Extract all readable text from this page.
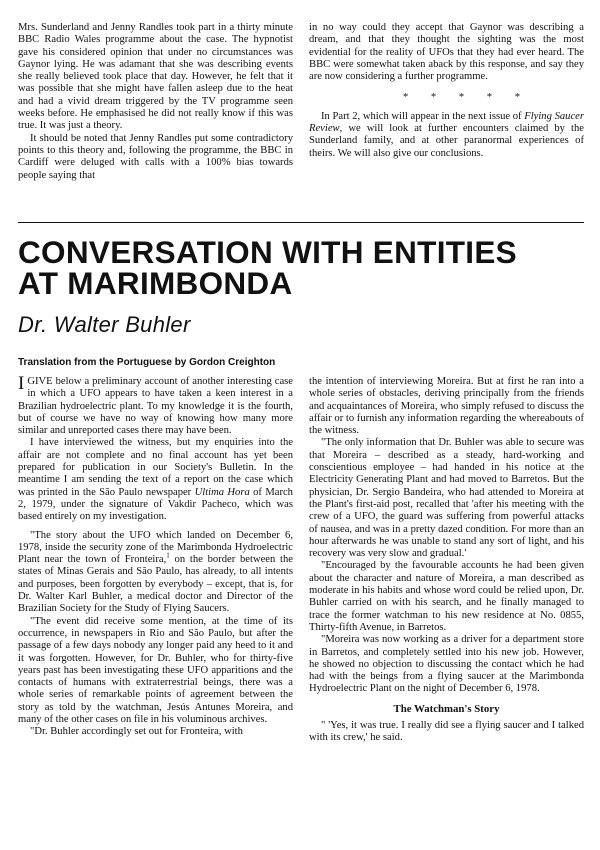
Mrs. Sunderland and Jenny Randles took part in a thirty minute BBC Radio Wales programme about the case. The hypnotist gave his considered opinion that under no circumstances was Gaynor lying. He was adamant that she was describing events she really believed took place that day. However, he felt that it was possible that she might have fallen asleep due to the heat and had a vivid dream triggered by the TV programme seen weeks before. He emphasised he did not really know if this was true. It was just a theory.

It should be noted that Jenny Randles put some contradictory points to this theory and, following the programme, the BBC in Cardiff were deluged with calls with a 100% bias towards people saying that

in no way could they accept that Gaynor was describing a dream, and that they thought the sighting was the most evidential for the reality of UFOs that they had ever heard. The BBC were somewhat taken aback by this response, and say they are now considering a further programme.

* * * * *

In Part 2, which will appear in the next issue of Flying Saucer Review, we will look at further encounters claimed by the Sunderland family, and at other paranormal experiences of theirs. We will also give our conclusions.

CONVERSATION WITH ENTITIES
AT MARIMBONDA
Dr. Walter Buhler
Translation from the Portuguese by Gordon Creighton

IGIVE below a preliminary account of another interesting case in which a UFO appears to have taken a keen interest in a Brazilian hydroelectric plant. To my knowledge it is the fourth, but of course we have no way of knowing how many more similar and unreported cases there may have been.

I have interviewed the witness, but my enquiries into the affair are not complete and no final account has yet been prepared for publication in our Society's Bulletin. In the meantime I am sending the text of a report on the case which was printed in the São Paulo newspaper Ultima Hora of March 2, 1979, under the signature of Vakdir Pacheco, which was based entirely on my investigation.

"The story about the UFO which landed on December 6, 1978, inside the security zone of the Marimbonda Hydroelectric Plant near the town of Fronteira,$^1$ on the border between the states of Minas Gerais and São Paulo, has already, to all intents and purposes, been forgotten by everybody – except, that is, for Dr. Walter Karl Buhler, a medical doctor and Director of the Brazilian Society for the Study of Flying Saucers.

"The event did receive some mention, at the time of its occurrence, in newspapers in Rio and São Paulo, but after the passage of a few days nobody any longer paid any heed to it and it was forgotten. However, for Dr. Buhler, who for thirty-five years past has been investigating these UFO apparitions and the contacts of humans with extraterrestrial beings, there was a whole series of remarkable points of agreement between the story as told by the watchman, Jesús Antunes Moreira, and many of the other cases on file in his voluminous archives.

"Dr. Buhler accordingly set out for Fronteira, with

the intention of interviewing Moreira. But at first he ran into a whole series of obstacles, deriving principally from the friends and acquaintances of Moreira, who simply refused to discuss the affair or to furnish any information regarding the whereabouts of the witness.

"The only information that Dr. Buhler was able to secure was that Moreira – described as a steady, hard-working and conscientious employee – had handed in his notice at the Electricity Generating Plant and had moved to Barretos. But the physician, Dr. Sergio Bandeira, who had attended to Moreira at the Plant's first-aid post, recalled that 'after his meeting with the crew of a UFO, the guard was suffering from powerful attacks of nausea, and was in a pretty dazed condition. For more than an hour afterwards he was unable to stand any sort of light, and his recovery was very slow and gradual.'

"Encouraged by the favourable accounts he had been given about the character and nature of Moreira, a man described as moderate in his habits and whose word could be relied upon, Dr. Buhler carried on with his search, and he finally managed to trace the former watchman to his new residence at No. 0855, Thirty-fifth Avenue, in Barretos.

"Moreira was now working as a driver for a department store in Barretos, and completely settled into his new job. However, he showed no objection to discussing the contact which he had had with the beings from a flying saucer at the Marimbonda Hydroelectric Plant on the night of December 6, 1978.

The Watchman's Story

" 'Yes, it was true. I really did see a flying saucer and I talked with its crew,' he said.
